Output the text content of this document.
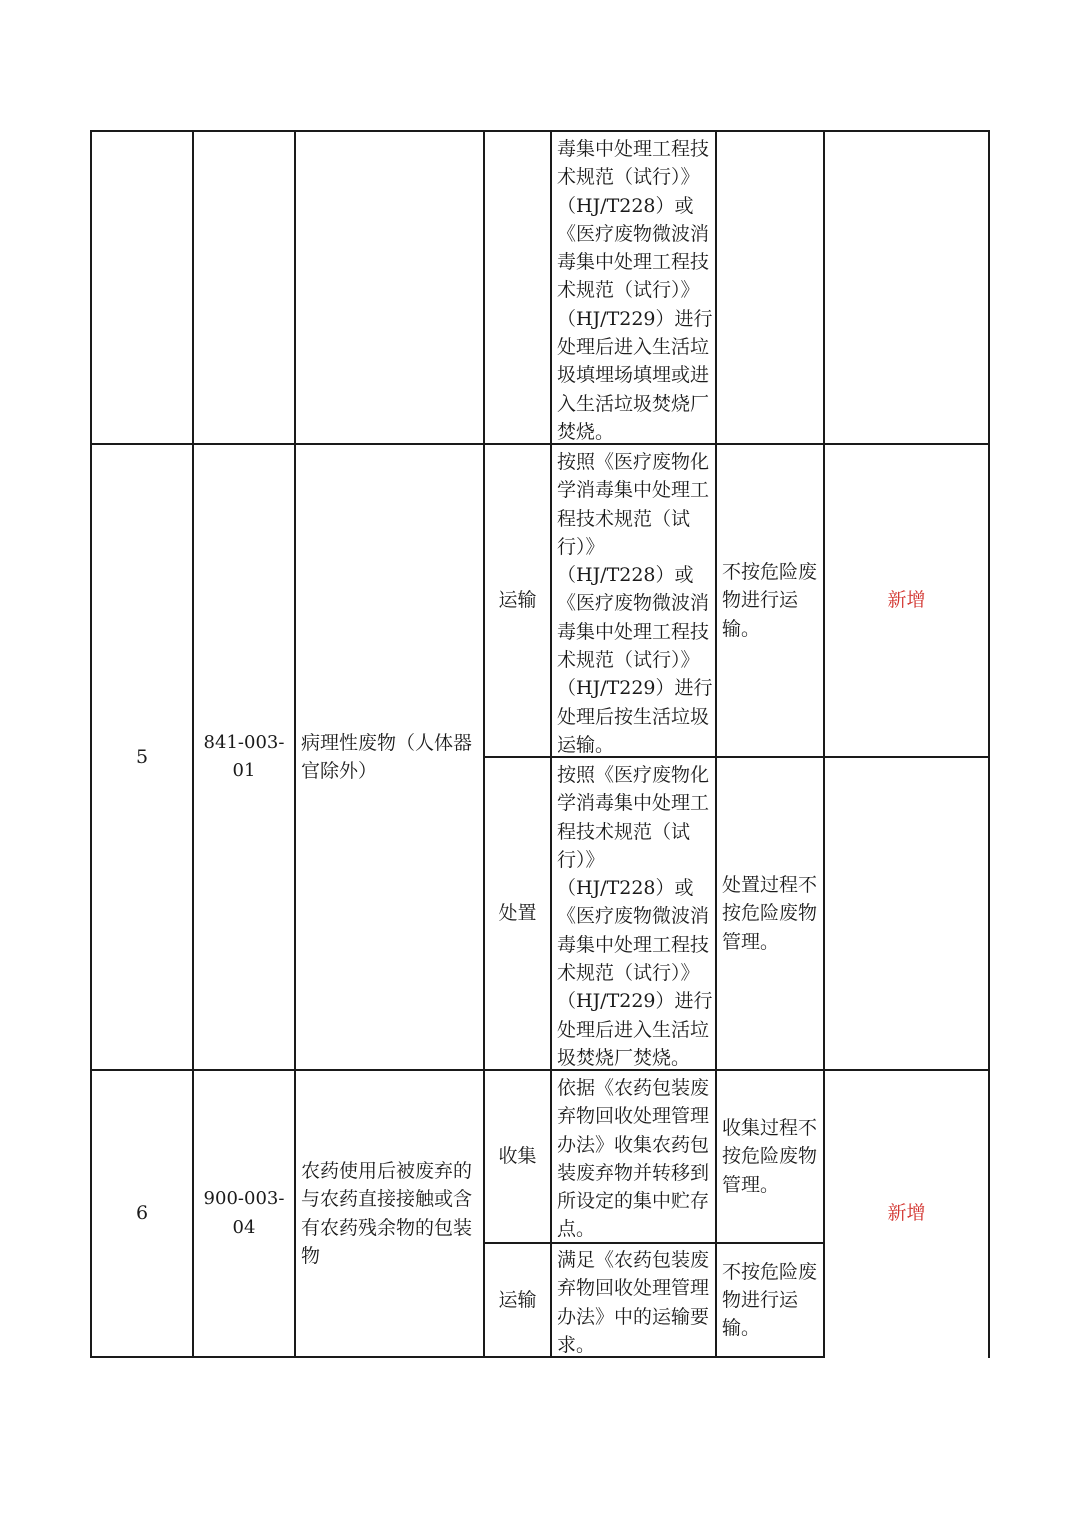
毒集中处理工程技
术规范（试行）》
（HJ/T228）或
《医疗废物微波消
毒集中处理工程技
术规范（试行）》
（HJ/T229）进行
处理后进入生活垃
圾填埋场填埋或进
入生活垃圾焚烧厂
焚烧。
5
841-003-01
病理性废物（人体器
官除外）
运输
按照《医疗废物化
学消毒集中处理工
程技术规范（试
行）》
（HJ/T228）或
《医疗废物微波消
毒集中处理工程技
术规范（试行）》
（HJ/T229）进行
处理后按生活垃圾
运输。
不按危险废
物进行运
输。
处置
按照《医疗废物化
学消毒集中处理工
程技术规范（试
行）》
（HJ/T228）或
《医疗废物微波消
毒集中处理工程技
术规范（试行）》
（HJ/T229）进行
处理后进入生活垃
圾焚烧厂焚烧。
处置过程不
按危险废物
管理。
新增
6
900-003-04
农药使用后被废弃的
与农药直接接触或含
有农药残余物的包装
物
收集
依据《农药包装废
弃物回收处理管理
办法》收集农药包
装废弃物并转移到
所设定的集中贮存
点。
收集过程不
按危险废物
管理。
运输
满足《农药包装废
弃物回收处理管理
办法》中的运输要
求。
不按危险废
物进行运
输。
新增
